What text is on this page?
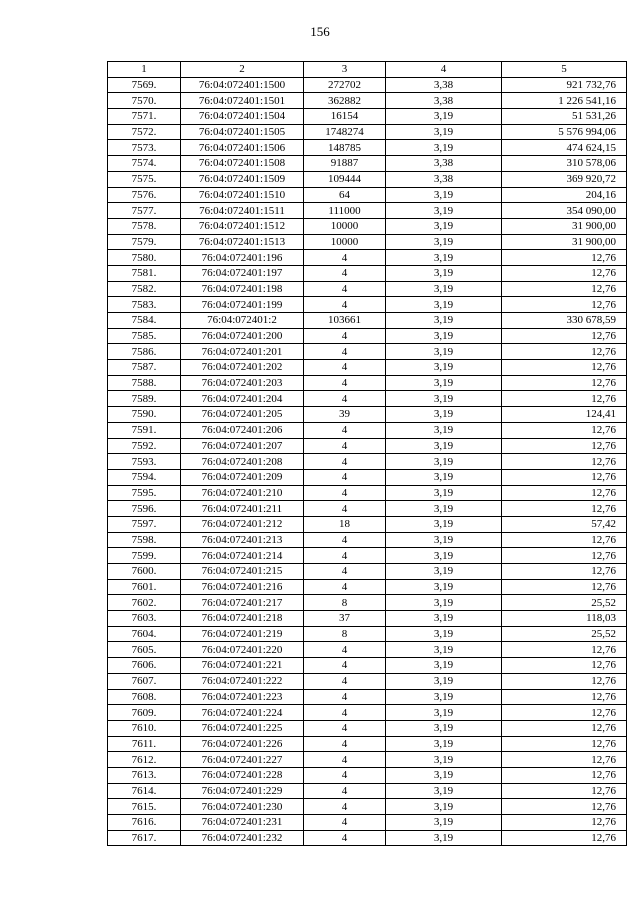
156
1	2	3	4	5
7569.	76:04:072401:1500	272702	3,38	921 732,76
7570.	76:04:072401:1501	362882	3,38	1 226 541,16
7571.	76:04:072401:1504	16154	3,19	51 531,26
7572.	76:04:072401:1505	1748274	3,19	5 576 994,06
7573.	76:04:072401:1506	148785	3,19	474 624,15
7574.	76:04:072401:1508	91887	3,38	310 578,06
7575.	76:04:072401:1509	109444	3,38	369 920,72
7576.	76:04:072401:1510	64	3,19	204,16
7577.	76:04:072401:1511	111000	3,19	354 090,00
7578.	76:04:072401:1512	10000	3,19	31 900,00
7579.	76:04:072401:1513	10000	3,19	31 900,00
7580.	76:04:072401:196	4	3,19	12,76
7581.	76:04:072401:197	4	3,19	12,76
7582.	76:04:072401:198	4	3,19	12,76
7583.	76:04:072401:199	4	3,19	12,76
7584.	76:04:072401:2	103661	3,19	330 678,59
7585.	76:04:072401:200	4	3,19	12,76
7586.	76:04:072401:201	4	3,19	12,76
7587.	76:04:072401:202	4	3,19	12,76
7588.	76:04:072401:203	4	3,19	12,76
7589.	76:04:072401:204	4	3,19	12,76
7590.	76:04:072401:205	39	3,19	124,41
7591.	76:04:072401:206	4	3,19	12,76
7592.	76:04:072401:207	4	3,19	12,76
7593.	76:04:072401:208	4	3,19	12,76
7594.	76:04:072401:209	4	3,19	12,76
7595.	76:04:072401:210	4	3,19	12,76
7596.	76:04:072401:211	4	3,19	12,76
7597.	76:04:072401:212	18	3,19	57,42
7598.	76:04:072401:213	4	3,19	12,76
7599.	76:04:072401:214	4	3,19	12,76
7600.	76:04:072401:215	4	3,19	12,76
7601.	76:04:072401:216	4	3,19	12,76
7602.	76:04:072401:217	8	3,19	25,52
7603.	76:04:072401:218	37	3,19	118,03
7604.	76:04:072401:219	8	3,19	25,52
7605.	76:04:072401:220	4	3,19	12,76
7606.	76:04:072401:221	4	3,19	12,76
7607.	76:04:072401:222	4	3,19	12,76
7608.	76:04:072401:223	4	3,19	12,76
7609.	76:04:072401:224	4	3,19	12,76
7610.	76:04:072401:225	4	3,19	12,76
7611.	76:04:072401:226	4	3,19	12,76
7612.	76:04:072401:227	4	3,19	12,76
7613.	76:04:072401:228	4	3,19	12,76
7614.	76:04:072401:229	4	3,19	12,76
7615.	76:04:072401:230	4	3,19	12,76
7616.	76:04:072401:231	4	3,19	12,76
7617.	76:04:072401:232	4	3,19	12,76
